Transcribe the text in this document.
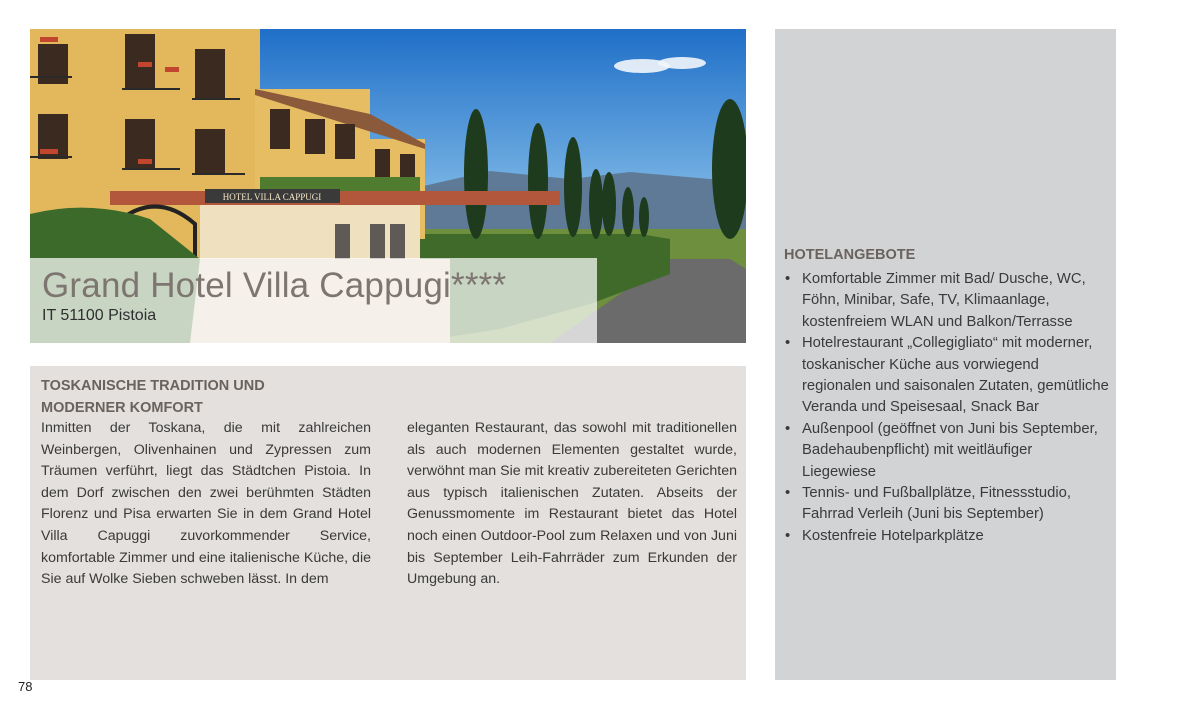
HOTEL VILLA CAPPUGI
Grand Hotel Villa Cappugi****
IT 51100 Pistoia
TOSKANISCHE TRADITION UND
MODERNER KOMFORT

Inmitten der Toskana, die mit zahlreichen Weinbergen, Olivenhainen und Zypressen zum Träumen verführt, liegt das Städtchen Pistoia. In dem Dorf zwischen den zwei berühmten Städten Florenz und Pisa erwarten Sie in dem Grand Hotel Villa Capuggi zuvorkommender Service, komfortable Zimmer und eine italienische Küche, die Sie auf Wolke Sieben schweben lässt. In dem

eleganten Restaurant, das sowohl mit traditionellen als auch modernen Elementen gestaltet wurde, verwöhnt man Sie mit kreativ zubereiteten Gerichten aus typisch italienischen Zutaten. Abseits der Genussmomente im Restaurant bietet das Hotel noch einen Outdoor-Pool zum Relaxen und von Juni bis September Leih-Fahrräder zum Erkunden der Umgebung an.

HOTELANGEBOTE
• Komfortable Zimmer mit Bad/ Dusche, WC, Föhn, Minibar, Safe, TV, Klimaanlage, kostenfreiem WLAN und Balkon/Terrasse
• Hotelrestaurant „Collegigliato“ mit moderner, toskanischer Küche aus vorwiegend regionalen und saisonalen Zutaten, gemütliche Veranda und Speisesaal, Snack Bar
• Außenpool (geöffnet von Juni bis September, Badehaubenpflicht) mit weitläufiger Liegewiese
• Tennis- und Fußballplätze, Fitnessstudio, Fahrrad Verleih (Juni bis September)
• Kostenfreie Hotelparkplätze
78
